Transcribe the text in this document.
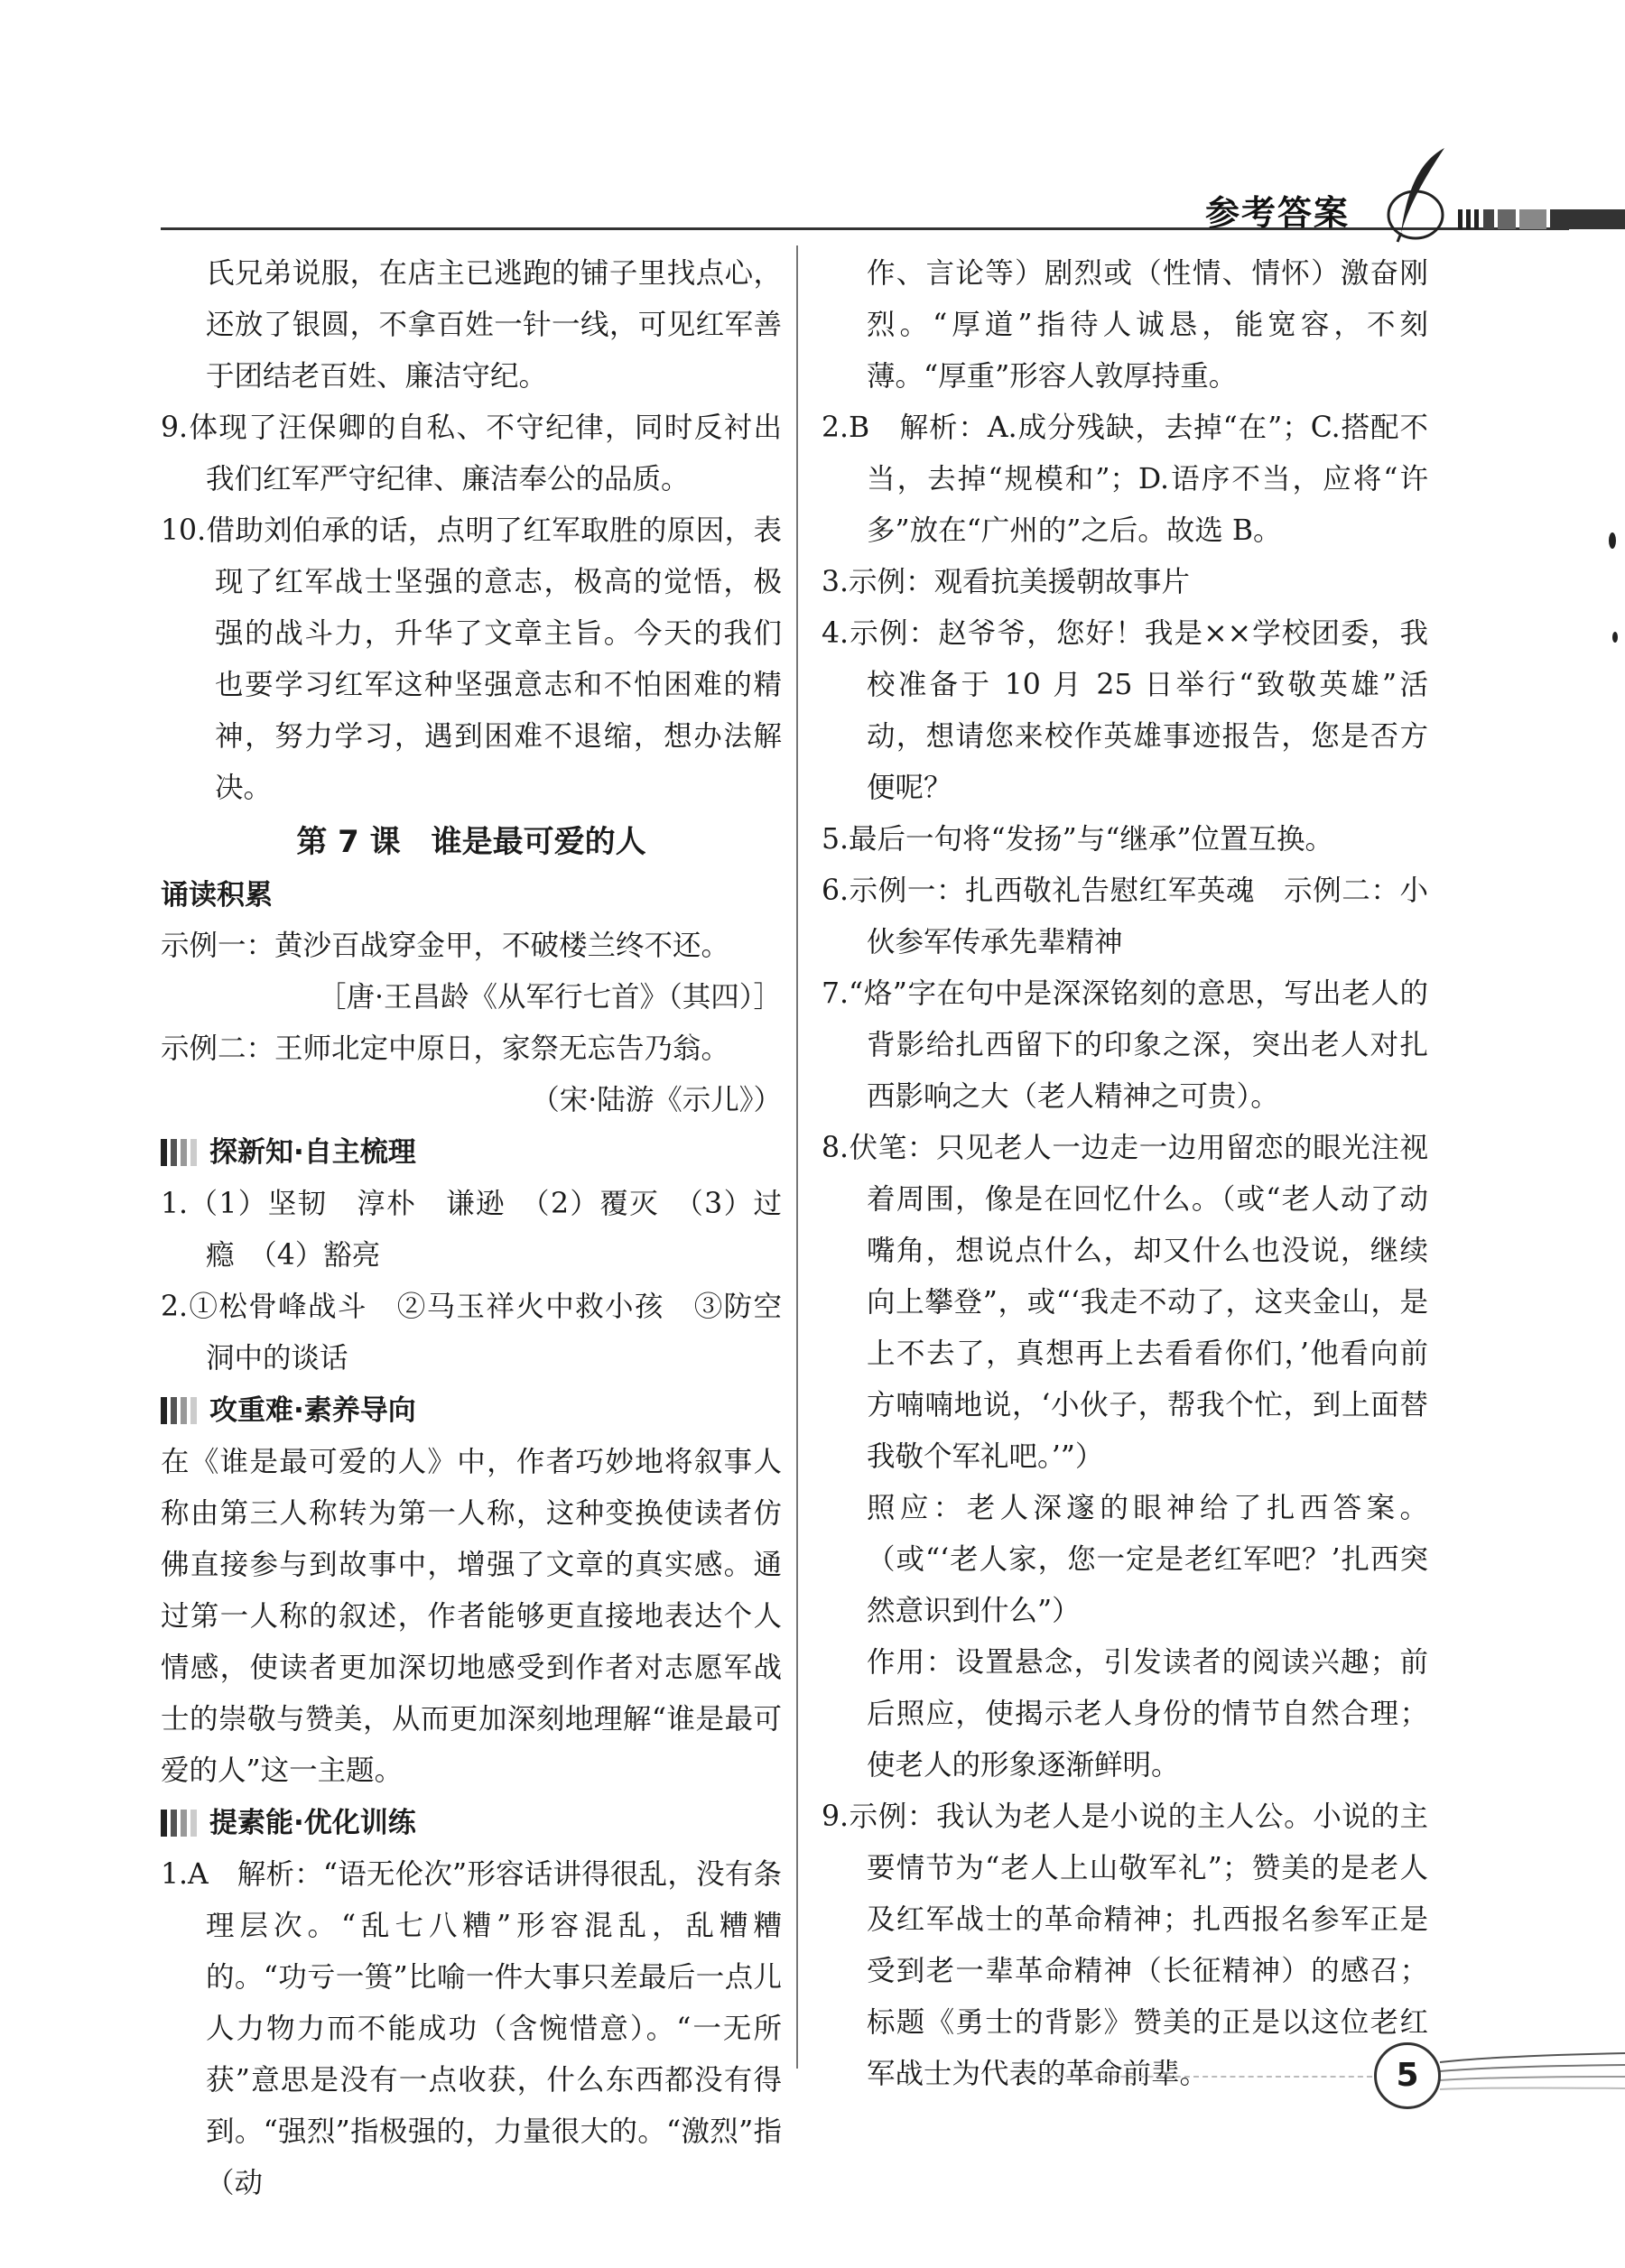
参考答案

氏兄弟说服，在店主已逃跑的铺子里找点心，还放了银圆，不拿百姓一针一线，可见红军善于团结老百姓、廉洁守纪。

9.体现了汪保卿的自私、不守纪律，同时反衬出我们红军严守纪律、廉洁奉公的品质。

10.借助刘伯承的话，点明了红军取胜的原因，表现了红军战士坚强的意志，极高的觉悟，极强的战斗力，升华了文章主旨。今天的我们也要学习红军这种坚强意志和不怕困难的精神，努力学习，遇到困难不退缩，想办法解决。

第 7 课　谁是最可爱的人

诵读积累

示例一：黄沙百战穿金甲，不破楼兰终不还。

［唐·王昌龄《从军行七首》（其四）］

示例二：王师北定中原日，家祭无忘告乃翁。

（宋·陆游《示儿》）

探新知·自主梳理

1.（1）坚韧　淳朴　谦逊　（2）覆灭　（3）过瘾　（4）豁亮

2.①松骨峰战斗　②马玉祥火中救小孩　③防空洞中的谈话

攻重难·素养导向

在《谁是最可爱的人》中，作者巧妙地将叙事人称由第三人称转为第一人称，这种变换使读者仿佛直接参与到故事中，增强了文章的真实感。通过第一人称的叙述，作者能够更直接地表达个人情感，使读者更加深切地感受到作者对志愿军战士的崇敬与赞美，从而更加深刻地理解“谁是最可爱的人”这一主题。

提素能·优化训练

1.A　解析：“语无伦次”形容话讲得很乱，没有条理层次。“乱七八糟”形容混乱，乱糟糟的。“功亏一篑”比喻一件大事只差最后一点儿人力物力而不能成功（含惋惜意）。“一无所获”意思是没有一点收获，什么东西都没有得到。“强烈”指极强的，力量很大的。“激烈”指（动

作、言论等）剧烈或（性情、情怀）激奋刚烈。“厚道”指待人诚恳，能宽容，不刻薄。“厚重”形容人敦厚持重。

2.B　解析：A.成分残缺，去掉“在”；C.搭配不当，去掉“规模和”；D.语序不当，应将“许多”放在“广州的”之后。故选 B。

3.示例：观看抗美援朝故事片

4.示例：赵爷爷，您好！我是××学校团委，我校准备于 10 月 25 日举行“致敬英雄”活动，想请您来校作英雄事迹报告，您是否方便呢？

5.最后一句将“发扬”与“继承”位置互换。

6.示例一：扎西敬礼告慰红军英魂　示例二：小伙参军传承先辈精神

7.“烙”字在句中是深深铭刻的意思，写出老人的背影给扎西留下的印象之深，突出老人对扎西影响之大（老人精神之可贵）。

8.伏笔：只见老人一边走一边用留恋的眼光注视着周围，像是在回忆什么。（或“老人动了动嘴角，想说点什么，却又什么也没说，继续向上攀登”，或“‘我走不动了，这夹金山，是上不去了，真想再上去看看你们，’他看向前方喃喃地说，‘小伙子，帮我个忙，到上面替我敬个军礼吧。’”）

照应：老人深邃的眼神给了扎西答案。（或“‘老人家，您一定是老红军吧？’扎西突然意识到什么”）

作用：设置悬念，引发读者的阅读兴趣；前后照应，使揭示老人身份的情节自然合理；使老人的形象逐渐鲜明。

9.示例：我认为老人是小说的主人公。小说的主要情节为“老人上山敬军礼”；赞美的是老人及红军战士的革命精神；扎西报名参军正是受到老一辈革命精神（长征精神）的感召；标题《勇士的背影》赞美的正是以这位老红军战士为代表的革命前辈。	5
